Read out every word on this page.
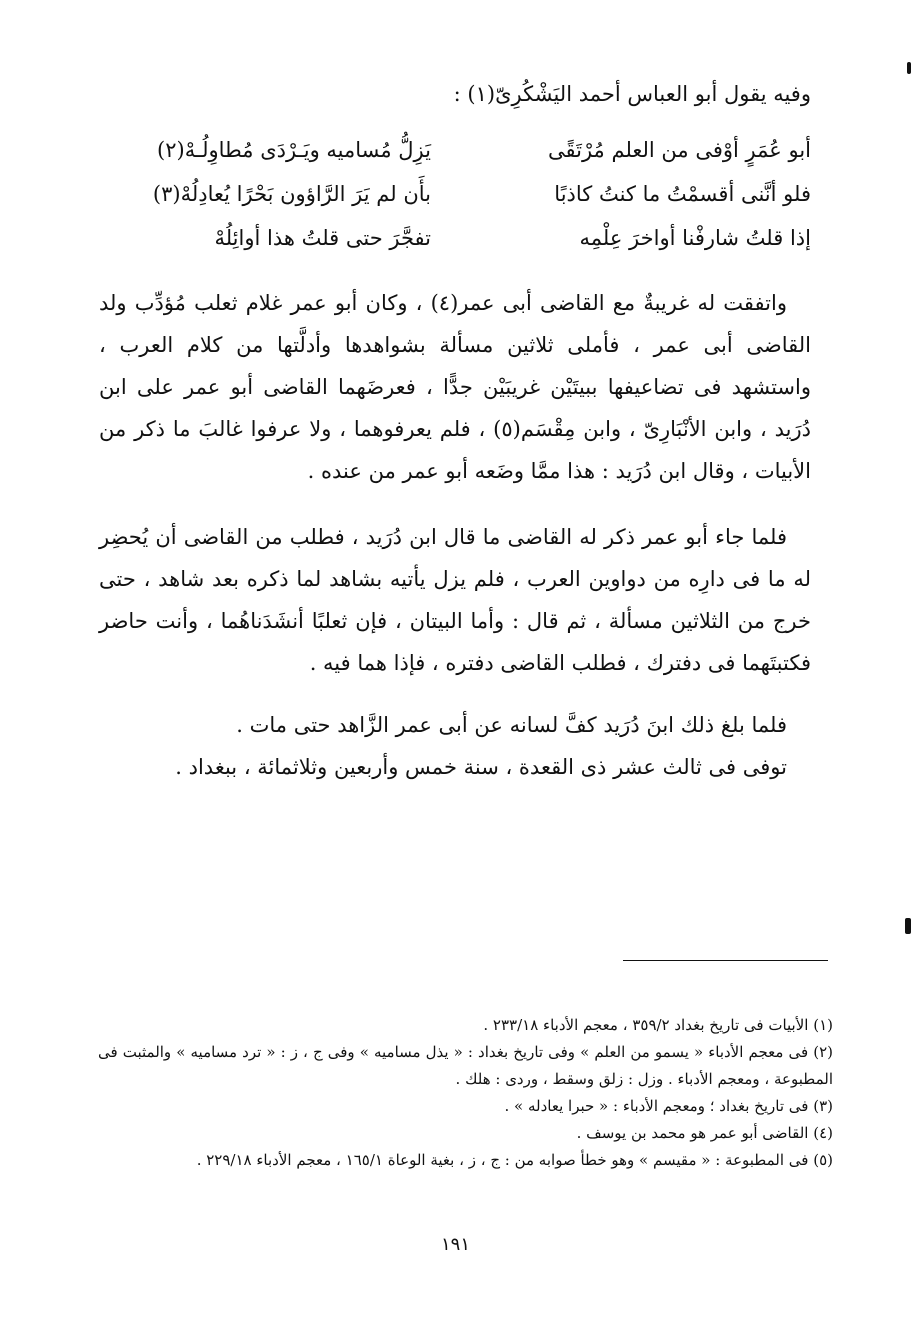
وفيه يقول أبو العباس أحمد اليَشْكُرِىّ(١) :
أبو عُمَرٍ أوْفى من العلم مُرْتَقًى
يَزِلُّ مُساميه ويَـرْدَى مُطاوِلُـهْ(٢)
فلو أنَّنى أقسمْتُ ما كنتُ كاذبًا
بأَن لم يَرَ الرَّاؤون بَحْرًا يُعادِلُهْ(٣)
إذا قلتُ شارفْنا أواخرَ عِلْمِه
تفجَّرَ حتى قلتُ هذا أوائِلُهْ

واتفقت له غريبةٌ مع القاضى أبى عمر(٤) ، وكان أبو عمر غلام ثعلب مُؤدِّب ولد القاضى أبى عمر ، فأملى ثلاثين مسألة بشواهدها وأدلَّتها من كلام العرب ، واستشهد فى تضاعيفها ببيتَيْن غريبَيْن جدًّا ، فعرضَهما القاضى أبو عمر على ابن دُرَيد ، وابن الأنْبَارِىّ ، وابن مِقْسَم(٥) ، فلم يعرفوهما ، ولا عرفوا غالبَ ما ذكر من الأبيات ، وقال ابن دُرَيد : هذا ممَّا وضَعه أبو عمر من عنده .

فلما جاء أبو عمر ذكر له القاضى ما قال ابن دُرَيد ، فطلب من القاضى أن يُحضِر له ما فى دارِه من دواوين العرب ، فلم يزل يأتيه بشاهد لما ذكره بعد شاهد ، حتى خرج من الثلاثين مسألة ، ثم قال : وأما البيتان ، فإن ثعلبًا أنشَدَناهُما ، وأنت حاضر فكتبتَهما فى دفترك ، فطلب القاضى دفتره ، فإذا هما فيه .

فلما بلغ ذلك ابنَ دُرَيد كفَّ لسانه عن أبى عمر الزَّاهد حتى مات .

توفى فى ثالث عشر ذى القعدة ، سنة خمس وأربعين وثلاثمائة ، ببغداد .

(١) الأبيات فى تاريخ بغداد ٣٥٩/٢ ، معجم الأدباء ٢٣٣/١٨ .
(٢) فى معجم الأدباء « يسمو من العلم » وفى تاريخ بغداد : « يذل مساميه » وفى ج ، ز : « ترد مساميه » والمثبت فى المطبوعة ، ومعجم الأدباء . وزل : زلق وسقط ، وردى : هلك .
(٣) فى تاريخ بغداد ؛ ومعجم الأدباء : « حبرا يعادله » .
(٤) القاضى أبو عمر هو محمد بن يوسف .
(٥) فى المطبوعة : « مقيسم » وهو خطأ صوابه من : ج ، ز ، بغية الوعاة ١٦٥/١ ، معجم الأدباء ٢٢٩/١٨ .
١٩١
